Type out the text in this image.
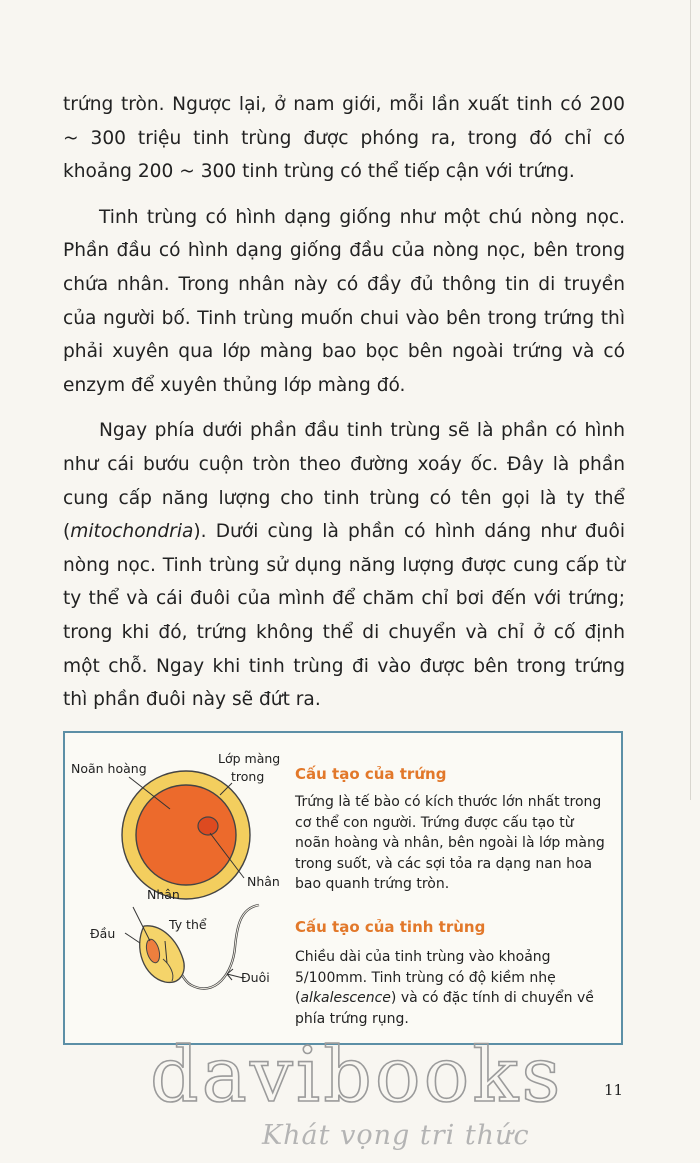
trứng tròn. Ngược lại, ở nam giới, mỗi lần xuất tinh có 200 ~ 300 triệu tinh trùng được phóng ra, trong đó chỉ có khoảng 200 ~ 300 tinh trùng có thể tiếp cận với trứng.

Tinh trùng có hình dạng giống như một chú nòng nọc. Phần đầu có hình dạng giống đầu của nòng nọc, bên trong chứa nhân. Trong nhân này có đầy đủ thông tin di truyền của người bố. Tinh trùng muốn chui vào bên trong trứng thì phải xuyên qua lớp màng bao bọc bên ngoài trứng và có enzym để xuyên thủng lớp màng đó.

Ngay phía dưới phần đầu tinh trùng sẽ là phần có hình như cái bướu cuộn tròn theo đường xoáy ốc. Đây là phần cung cấp năng lượng cho tinh trùng có tên gọi là ty thể (mitochondria). Dưới cùng là phần có hình dáng như đuôi nòng nọc. Tinh trùng sử dụng năng lượng được cung cấp từ ty thể và cái đuôi của mình để chăm chỉ bơi đến với trứng; trong khi đó, trứng không thể di chuyển và chỉ ở cố định một chỗ. Ngay khi tinh trùng đi vào được bên trong trứng thì phần đuôi này sẽ đứt ra.

Noãn hoàng
Lớp màng
trong
Nhân
Nhân
Đầu
Ty thể
Đuôi
Cấu tạo của trứng
Trứng là tế bào có kích thước lớn nhất trong cơ thể con người. Trứng được cấu tạo từ noãn hoàng và nhân, bên ngoài là lớp màng trong suốt, và các sợi tỏa ra dạng nan hoa bao quanh trứng tròn.
Cấu tạo của tinh trùng
Chiều dài của tinh trùng vào khoảng 5/100mm. Tinh trùng có độ kiềm nhẹ (alkalescence) và có đặc tính di chuyển về phía trứng rụng.
davibooks
Khát vọng tri thức
11
